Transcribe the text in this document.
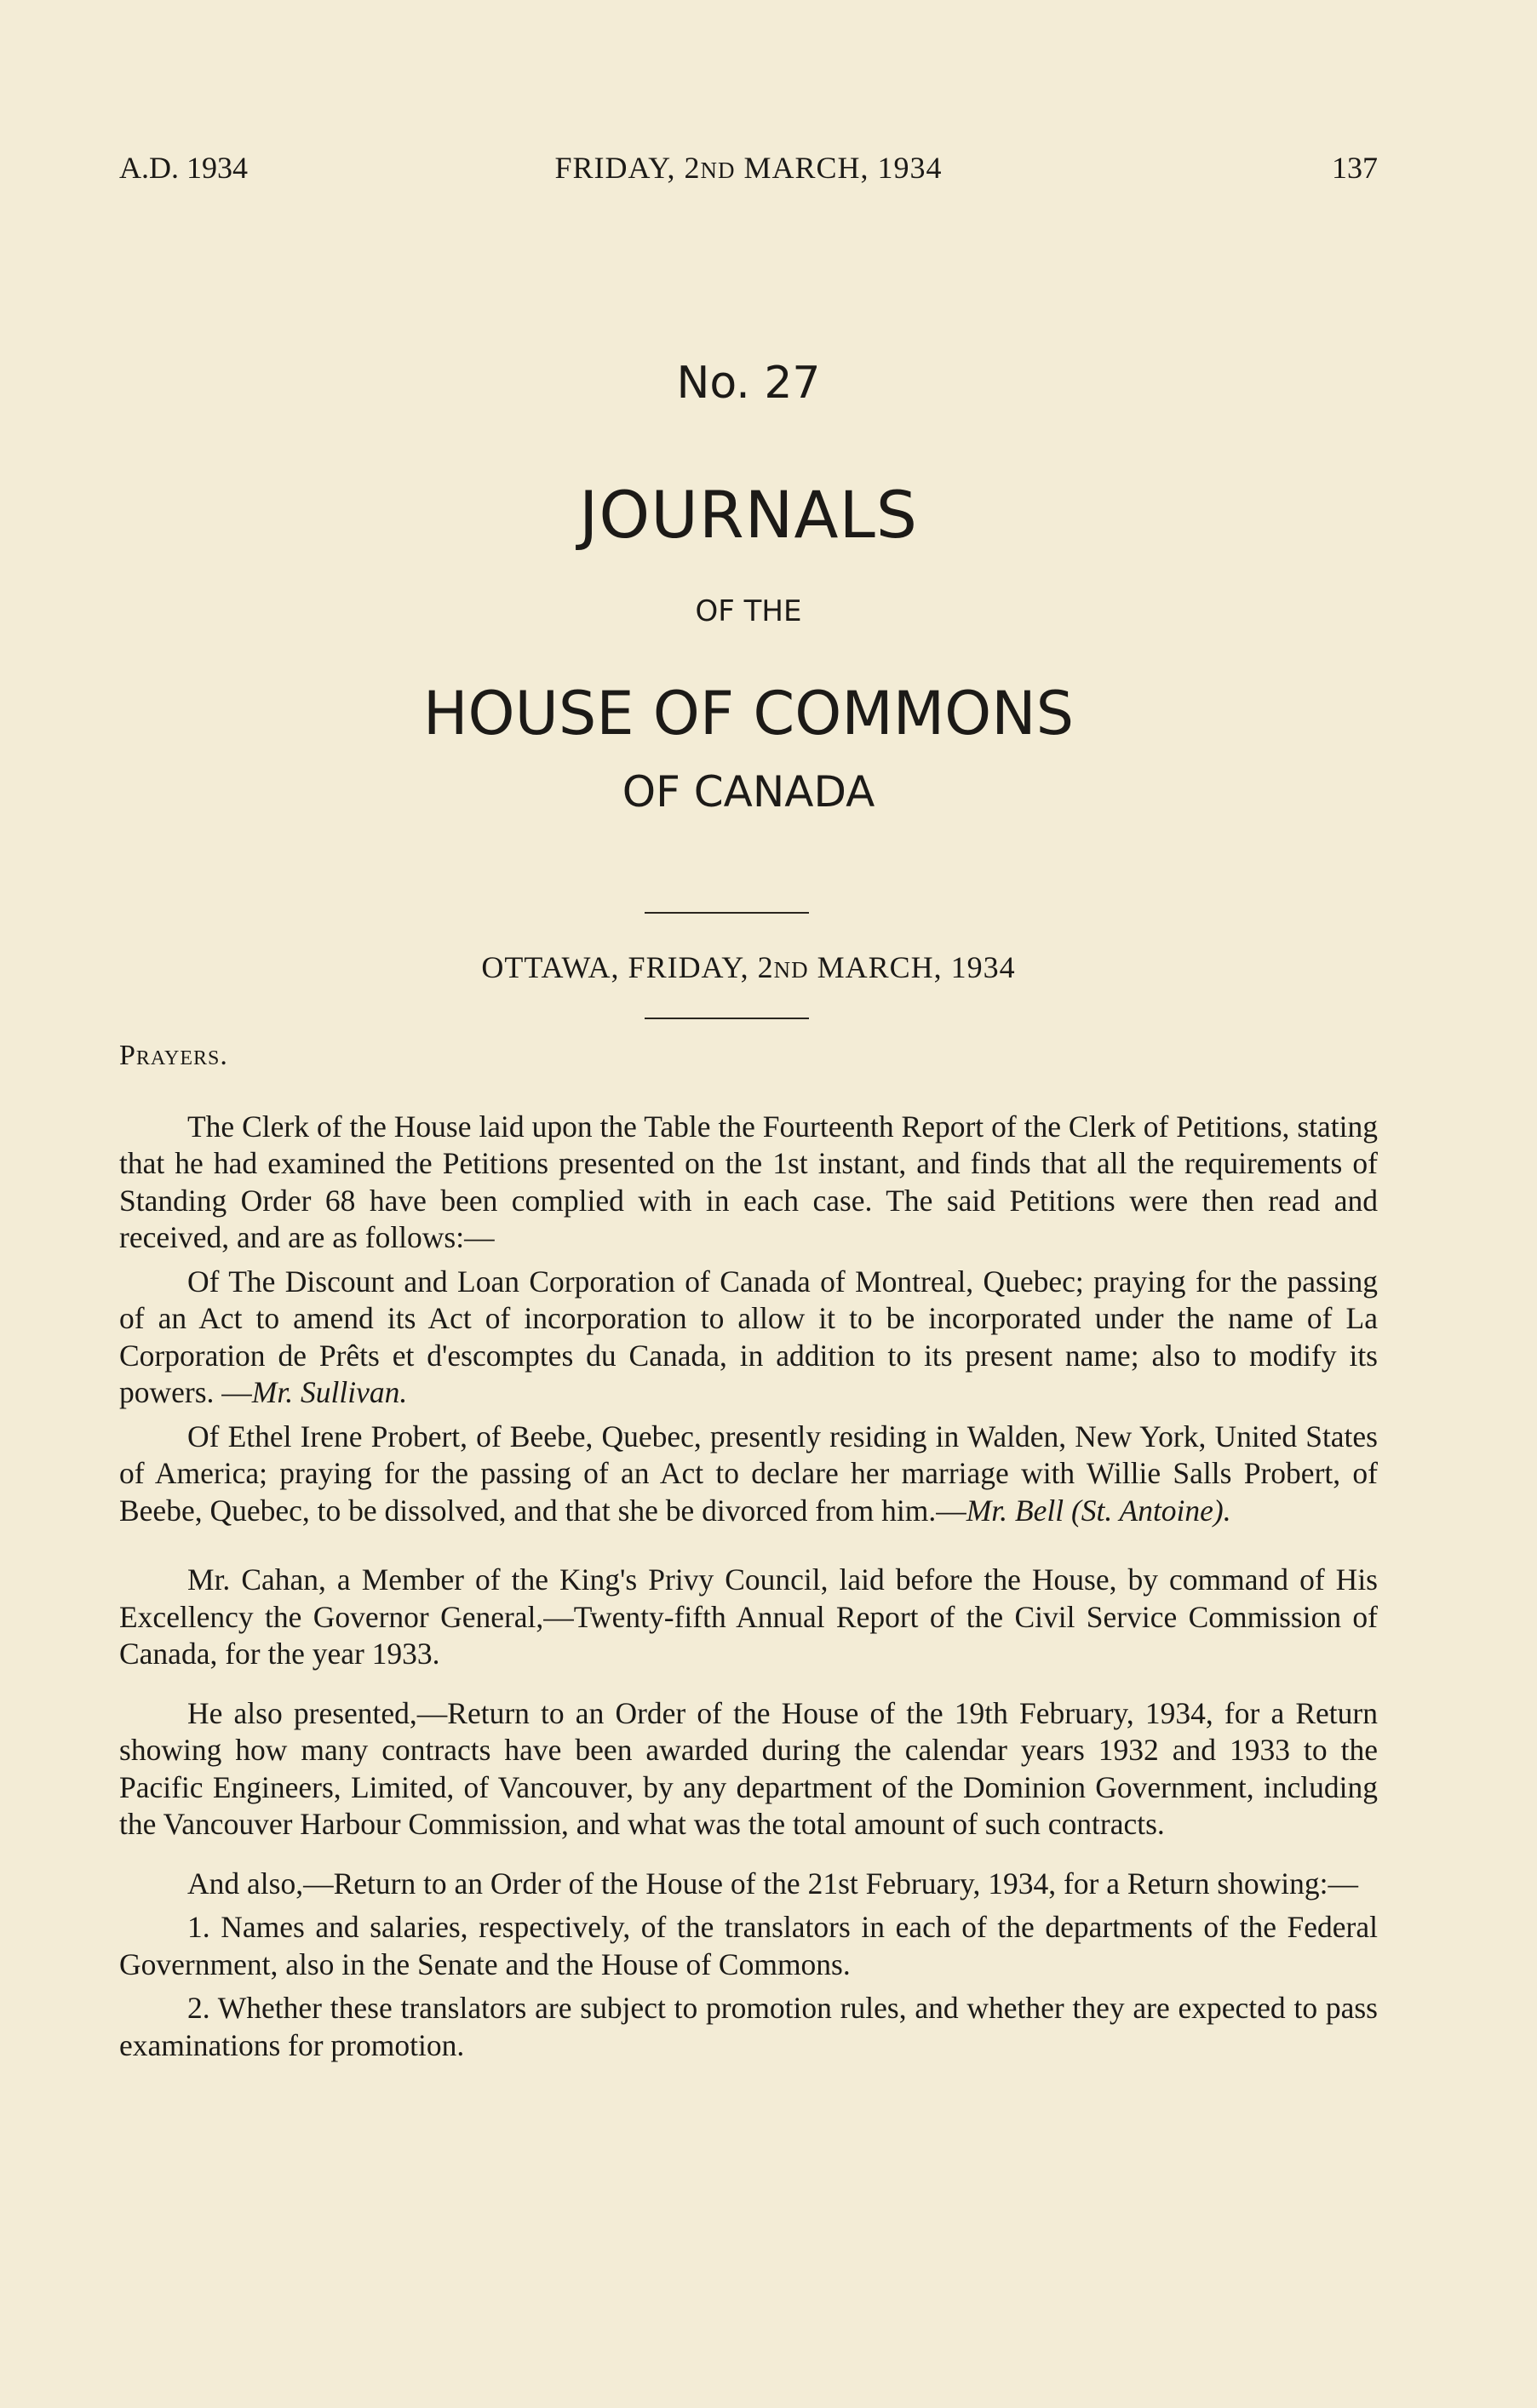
A.D. 1934	FRIDAY, 2ND MARCH, 1934	137
No. 27
JOURNALS
OF THE
HOUSE OF COMMONS
OF CANADA
OTTAWA, FRIDAY, 2ND MARCH, 1934

Prayers.

The Clerk of the House laid upon the Table the Fourteenth Report of the Clerk of Petitions, stating that he had examined the Petitions presented on the 1st instant, and finds that all the requirements of Standing Order 68 have been complied with in each case. The said Petitions were then read and received, and are as follows:—

Of The Discount and Loan Corporation of Canada of Montreal, Quebec; praying for the passing of an Act to amend its Act of incorporation to allow it to be incorporated under the name of La Corporation de Prêts et d'escomptes du Canada, in addition to its present name; also to modify its powers. —Mr. Sullivan.

Of Ethel Irene Probert, of Beebe, Quebec, presently residing in Walden, New York, United States of America; praying for the passing of an Act to declare her marriage with Willie Salls Probert, of Beebe, Quebec, to be dissolved, and that she be divorced from him.—Mr. Bell (St. Antoine).

Mr. Cahan, a Member of the King's Privy Council, laid before the House, by command of His Excellency the Governor General,—Twenty-fifth Annual Report of the Civil Service Commission of Canada, for the year 1933.

He also presented,—Return to an Order of the House of the 19th February, 1934, for a Return showing how many contracts have been awarded during the calendar years 1932 and 1933 to the Pacific Engineers, Limited, of Vancouver, by any department of the Dominion Government, including the Vancouver Harbour Commission, and what was the total amount of such contracts.

And also,—Return to an Order of the House of the 21st February, 1934, for a Return showing:—

1. Names and salaries, respectively, of the translators in each of the departments of the Federal Government, also in the Senate and the House of Commons.

2. Whether these translators are subject to promotion rules, and whether they are expected to pass examinations for promotion.
